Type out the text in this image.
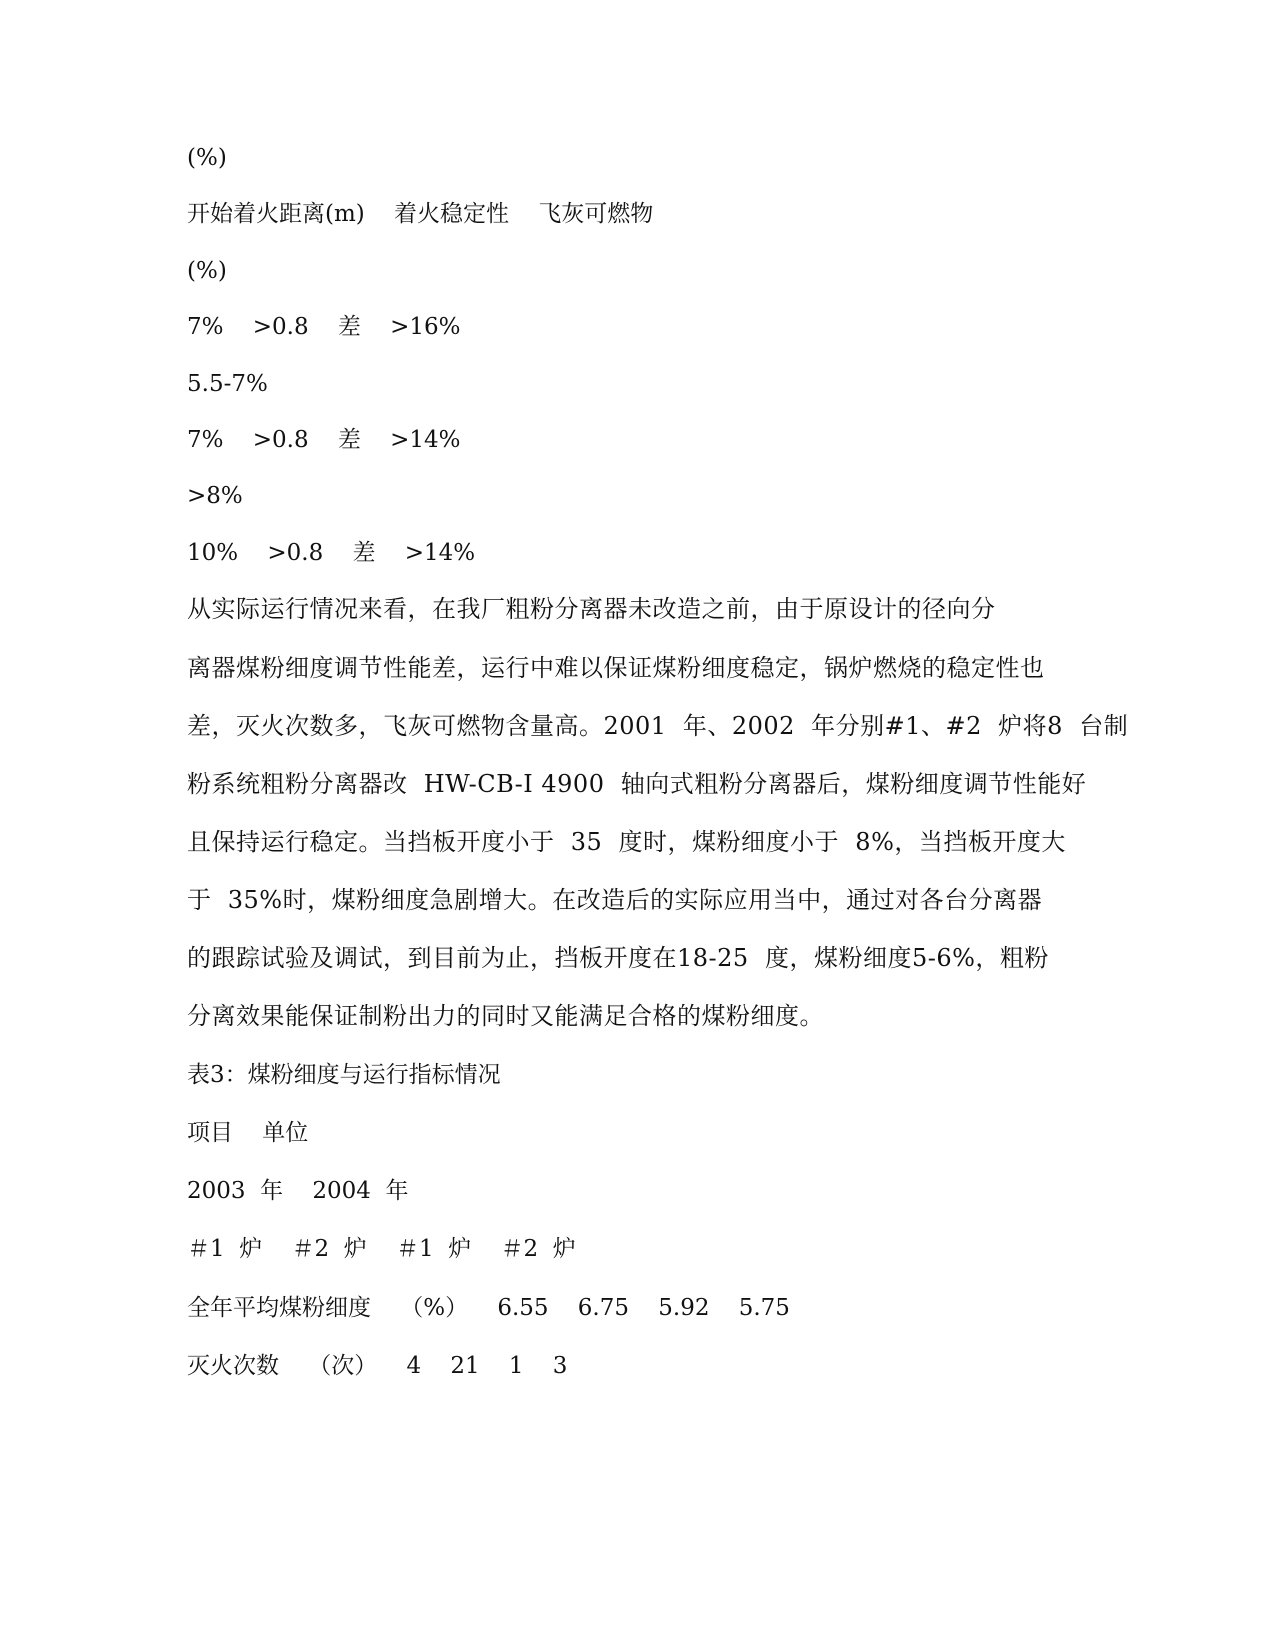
(%)
开始着火距离(m)    着火稳定性    飞灰可燃物
(%)
7%    >0.8    差    >16%
5.5-7%
7%    >0.8    差    >14%
>8%
10%    >0.8    差    >14%
从实际运行情况来看，在我厂粗粉分离器未改造之前，由于原设计的径向分
离器煤粉细度调节性能差，运行中难以保证煤粉细度稳定，锅炉燃烧的稳定性也
差，灭火次数多，飞灰可燃物含量高。2001  年、2002  年分别#1、#2  炉将8  台制
粉系统粗粉分离器改  HW-CB-I 4900  轴向式粗粉分离器后，煤粉细度调节性能好
且保持运行稳定。当挡板开度小于  35  度时，煤粉细度小于  8%，当挡板开度大
于  35%时，煤粉细度急剧增大。在改造后的实际应用当中，通过对各台分离器
的跟踪试验及调试，到目前为止，挡板开度在18-25  度，煤粉细度5-6%，粗粉
分离效果能保证制粉出力的同时又能满足合格的煤粉细度。
表3：煤粉细度与运行指标情况
项目    单位
2003  年    2004  年
＃1  炉    ＃2  炉    ＃1  炉    ＃2  炉
全年平均煤粉细度    （%）    6.55    6.75    5.92    5.75
灭火次数    （次）    4    21    1    3
